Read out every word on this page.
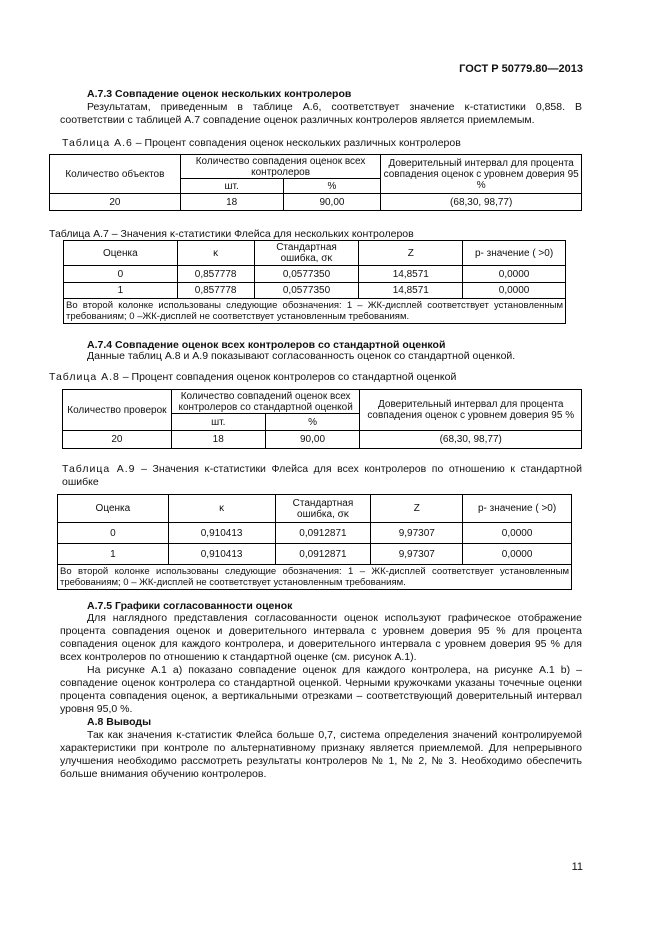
ГОСТ Р 50779.80—2013
А.7.3 Совпадение оценок нескольких контролеров
Результатам, приведенным в таблице А.6, соответствует значение κ-статистики 0,858. В соответствии с таблицей А.7 совпадение оценок различных контролеров является приемлемым.
Таблица А.6 – Процент совпадения оценок нескольких различных контролеров
Количество объектов	Количество совпадения оценок всех контролеров		Доверительный интервал для процента совпадения оценок с уровнем доверия 95 %
	шт.	%	
20	18	90,00	(68,30, 98,77)
Таблица А.7 – Значения κ-статистики Флейса для нескольких контролеров
Оценка	κ	Стандартная ошибка, σκ	Z	p- значение ( >0)
0	0,857778	0,0577350	14,8571	0,0000
1	0,857778	0,0577350	14,8571	0,0000
Во второй колонке использованы следующие обозначения: 1 – ЖК-дисплей соответствует установленным требованиям; 0 –ЖК-дисплей не соответствует установленным требованиям.				
А.7.4 Совпадение оценок всех контролеров со стандартной оценкой
Данные таблиц А.8 и А.9 показывают согласованность оценок со стандартной оценкой.
Таблица А.8 – Процент совпадения оценок контролеров со стандартной оценкой
Количество проверок	Количество совпадений оценок всех контролеров со стандартной оценкой		Доверительный интервал для процента совпадения оценок с уровнем доверия 95 %
	шт.	%	
20	18	90,00	(68,30, 98,77)
Таблица А.9 – Значения κ-статистики Флейса для всех контролеров по отношению к стандартной ошибке
Оценка	κ	Стандартная ошибка, σκ	Z	p- значение ( >0)
0	0,910413	0,0912871	9,97307	0,0000
1	0,910413	0,0912871	9,97307	0,0000
Во второй колонке использованы следующие обозначения: 1 – ЖК-дисплей соответствует установленным требованиям; 0 – ЖК-дисплей не соответствует установленным требованиям.				
А.7.5 Графики согласованности оценок
Для наглядного представления согласованности оценок используют графическое отображение процента совпадения оценок и доверительного интервала с уровнем доверия 95 % для процента совпадения оценок для каждого контролера, и доверительного интервала с уровнем доверия 95 % для всех контролеров по отношению к стандартной оценке (см. рисунок А.1).
На рисунке А.1 а) показано совпадение оценок для каждого контролера, на рисунке А.1 b) – совпадение оценок контролера со стандартной оценкой. Черными кружочками указаны точечные оценки процента совпадения оценок, а вертикальными отрезками – соответствующий доверительный интервал уровня 95,0 %.
А.8 Выводы
Так как значения κ-статистик Флейса больше 0,7, система определения значений контролируемой характеристики при контроле по альтернативному признаку является приемлемой. Для непрерывного улучшения необходимо рассмотреть результаты контролеров № 1, № 2, № 3. Необходимо обеспечить больше внимания обучению контролеров.
11
